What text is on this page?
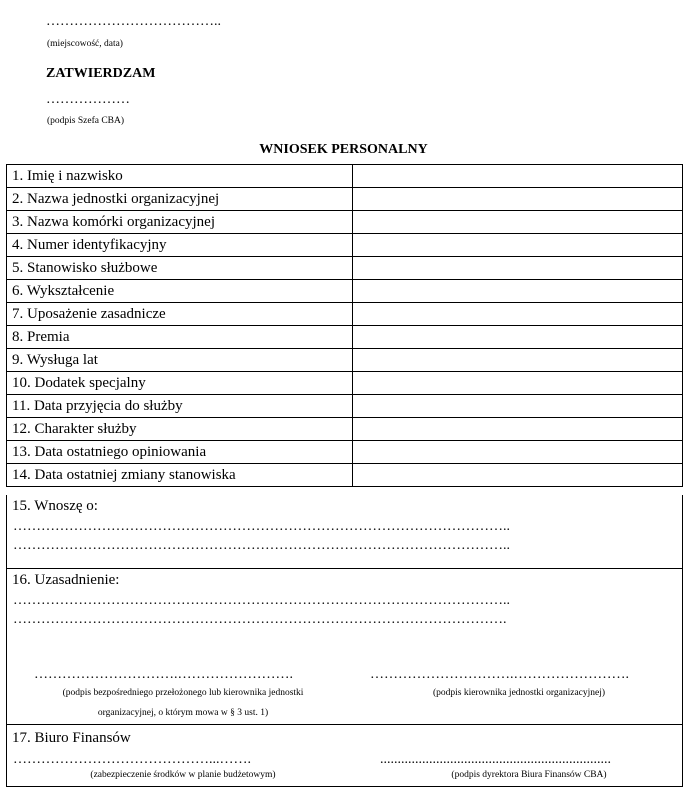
………………………………..
(miejscowość, data)
ZATWIERDZAM
………………
(podpis Szefa CBA)
WNIOSEK PERSONALNY
1. Imię i nazwisko	
2. Nazwa jednostki organizacyjnej	
3. Nazwa komórki organizacyjnej	
4. Numer identyfikacyjny	
5. Stanowisko służbowe	
6. Wykształcenie	
7. Uposażenie zasadnicze	
8. Premia	
9. Wysługa lat	
10. Dodatek specjalny	
11. Data przyjęcia do służby	
12. Charakter służby	
13. Data ostatniego opiniowania	
14. Data ostatniej zmiany stanowiska	
15. Wnoszę o:
……………………………………………………………………………………………..
……………………………………………………………………………………………..
16. Uzasadnienie:
……………………………………………………………………………………………..
…………………………………………………………………………………………….
………………………….…………………….
(podpis bezpośredniego przełożonego lub kierownika jednostki
organizacyjnej, o którym mowa w § 3 ust. 1)
………………………….…………………….
(podpis kierownika jednostki organizacyjnej)
17. Biuro Finansów
……………………………………...…….
(zabezpieczenie środków w planie budżetowym)
..................................................................
(podpis dyrektora Biura Finansów CBA)
